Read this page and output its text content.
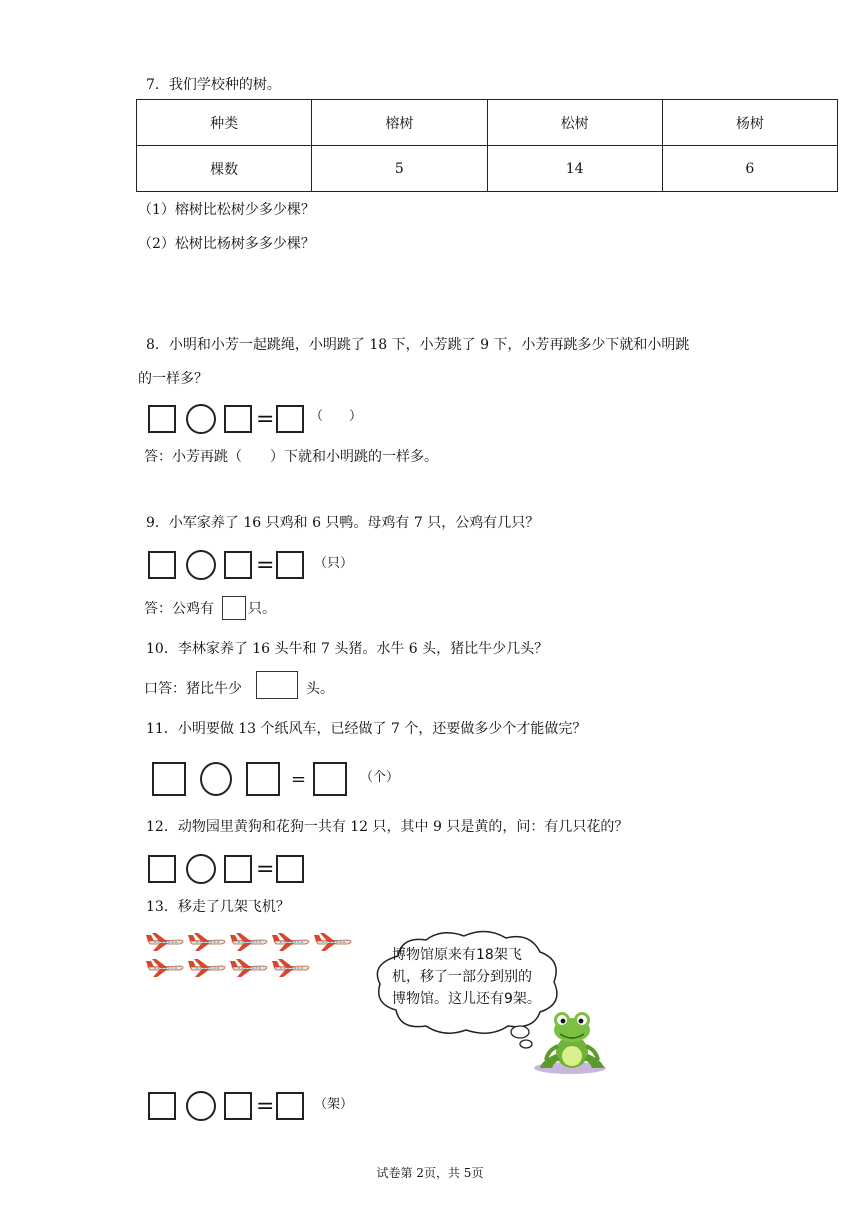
7．我们学校种的树。
种类	榕树	松树	杨树
棵数	5	14	6
（1）榕树比松树少多少棵？
（2）松树比杨树多多少棵？
8．小明和小芳一起跳绳，小明跳了 18 下，小芳跳了 9 下，小芳再跳多少下就和小明跳
的一样多？
=	（　　）
答：小芳再跳（　　）下就和小明跳的一样多。
9．小军家养了 16 只鸡和 6 只鸭。母鸡有 7 只，公鸡有几只？
=	（只）
答：公鸡有 只。
10．李林家养了 16 头牛和 7 头猪。水牛 6 头，猪比牛少几头？
口答：猪比牛少	头。
11．小明要做 13 个纸风车，已经做了 7 个，还要做多少个才能做完？
=	（个）
12．动物园里黄狗和花狗一共有 12 只，其中 9 只是黄的，问：有几只花的？
=
13．移走了几架飞机？
博物馆原来有18架飞
机，移了一部分到别的
博物馆。这儿还有9架。
=	（架）
试卷第 2页，共 5页
